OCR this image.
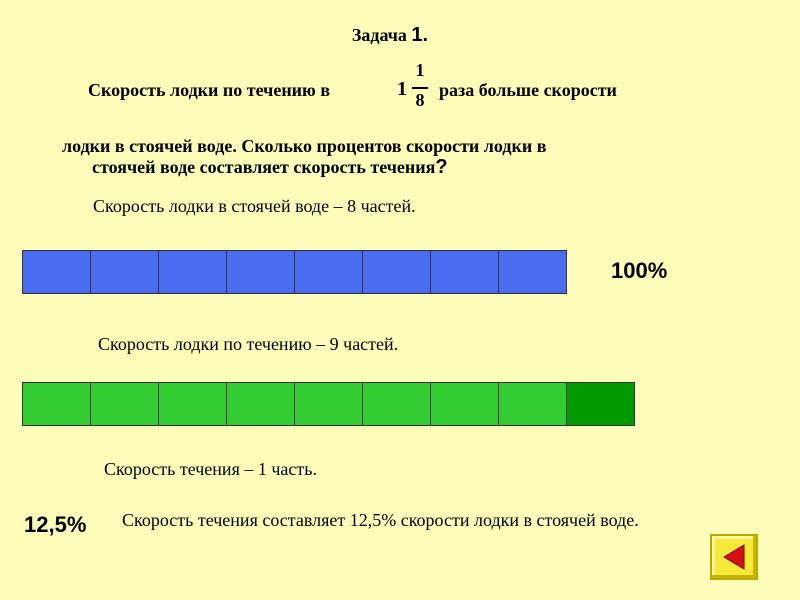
Задача 1.
Скорость лодки по течению в	1
1
8 раза больше скорости
лодки в стоячей воде. Сколько процентов скорости лодки в
стоячей воде составляет скорость течения?
Скорость лодки в стоячей воде – 8 частей.
100%
Скорость лодки по течению – 9 частей.
Скорость течения – 1 часть.
12,5% Скорость течения составляет 12,5% скорости лодки в стоячей воде.
